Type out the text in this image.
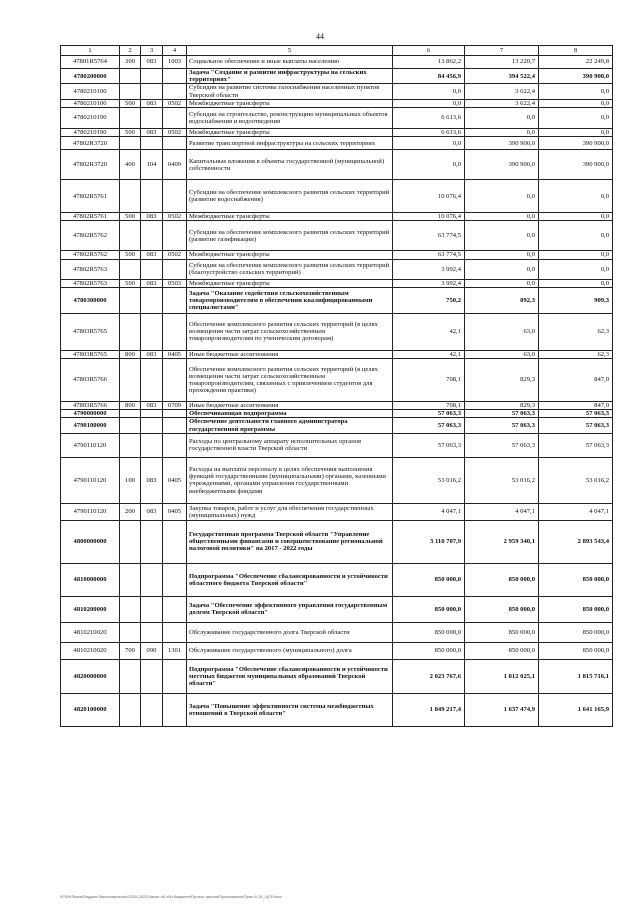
44
1	2	3	4	5	6	7	8
47801R5764	300	083	1003	Социальное обеспечение и иные выплаты населению	13 862,2	13 220,7	22 249,8
4780200000				Задача "Создание и развитие инфраструктуры на сельских территориях"	84 456,9	394 522,4	390 900,0
4780210100				Субсидии на развитие системы газоснабжения населенных пунктов Тверской области	0,0	3 622,4	0,0
4780210100	500	083	0502	Межбюджетные трансферты	0,0	3 622,4	0,0
4780210190				Субсидии на строительство, реконструкцию муниципальных объектов водоснабжения и водоотведения	6 613,6	0,0	0,0
4780210190	500	083	0502	Межбюджетные трансферты	6 613,6	0,0	0,0
47802R3720				Развитие транспортной инфраструктуры на сельских территориях	0,0	390 900,0	390 900,0
47802R3720	400	104	0409	Капитальные вложения в объекты государственной (муниципальной) собственности	0,0	390 900,0	390 900,0
47802R5761				Субсидии на обеспечение комплексного развития сельских территорий (развитие водоснабжения)	10 076,4	0,0	0,0
47802R5761	500	083	0502	Межбюджетные трансферты	10 076,4	0,0	0,0
47802R5762				Субсидии на обеспечение комплексного развития сельских территорий (развитие газификации)	63 774,5	0,0	0,0
47802R5762	500	083	0502	Межбюджетные трансферты	63 774,5	0,0	0,0
47802R5763				Субсидии на обеспечение комплексного развития сельских территорий (благоустройство сельских территорий)	3 992,4	0,0	0,0
47802R5763	500	083	0503	Межбюджетные трансферты	3 992,4	0,0	0,0
4780300000				Задача "Оказание содействия сельскохозяйственным товаропроизводителям в обеспечении квалифицированными специалистами"	750,2	892,3	909,3
47803R5765				Обеспечение комплексного развития сельских территорий (в целях возмещения части затрат сельскохозяйственным товаропроизводителям по ученическим договорам)	42,1	63,0	62,3
47803R5765	800	083	0405	Иные бюджетные ассигнования	42,1	63,0	62,3
47803R5766				Обеспечение комплексного развития сельских территорий (в целях возмещения части затрат сельскохозяйственным товаропроизводителям, связанных с привлечением студентов для прохождения практики)	708,1	829,3	847,0
47803R5766	800	083	0709	Иные бюджетные ассигнования	708,1	829,3	847,0
4790000000				Обеспечивающая подпрограмма	57 063,3	57 063,3	57 063,3
4790100000				Обеспечение деятельности главного администратора государственной программы	57 063,3	57 063,3	57 063,3
4790110120				Расходы по центральному аппарату исполнительных органов государственной власти Тверской области	57 063,3	57 063,3	57 063,3
4790110120	100	083	0405	Расходы на выплаты персоналу в целях обеспечения выполнения функций государственными (муниципальными) органами, казенными учреждениями, органами управления государственными внебюджетными фондами	53 016,2	53 016,2	53 016,2
4790110120	200	083	0405	Закупка товаров, работ и услуг для обеспечения государственных (муниципальных) нужд	4 047,1	4 047,1	4 047,1
4800000000				Государственная программа Тверской области "Управление общественными финансами и совершенствование региональной налоговой политики" на 2017 - 2022 годы	3 110 707,9	2 959 340,1	2 893 543,4
4810000000				Подпрограмма "Обеспечение сбалансированности и устойчивости областного бюджета Тверской области"	850 000,0	850 000,0	850 000,0
4810200000				Задача "Обеспечение эффективного управления государственным долгом Тверской области"	850 000,0	850 000,0	850 000,0
4810210020				Обслуживание государственного долга Тверской области	850 000,0	850 000,0	850 000,0
4810210020	700	090	1301	Обслуживание государственного (муниципального) долга	850 000,0	850 000,0	850 000,0
4820000000				Подпрограмма "Обеспечение сбалансированности и устойчивости местных бюджетов муниципальных образований Тверской области"	2 023 767,6	1 812 025,1	1 815 716,1
4820100000				Задача "Повышение эффективности системы межбюджетных отношений в Тверской области"	1 849 217,4	1 637 474,9	1 641 165,9
\\FSH\Share\Бюджет\Законопроекты\2020-2022\Закон об обл бюджете\Проект закона\Приложения\Прил 8-15_ЦСР.docx
